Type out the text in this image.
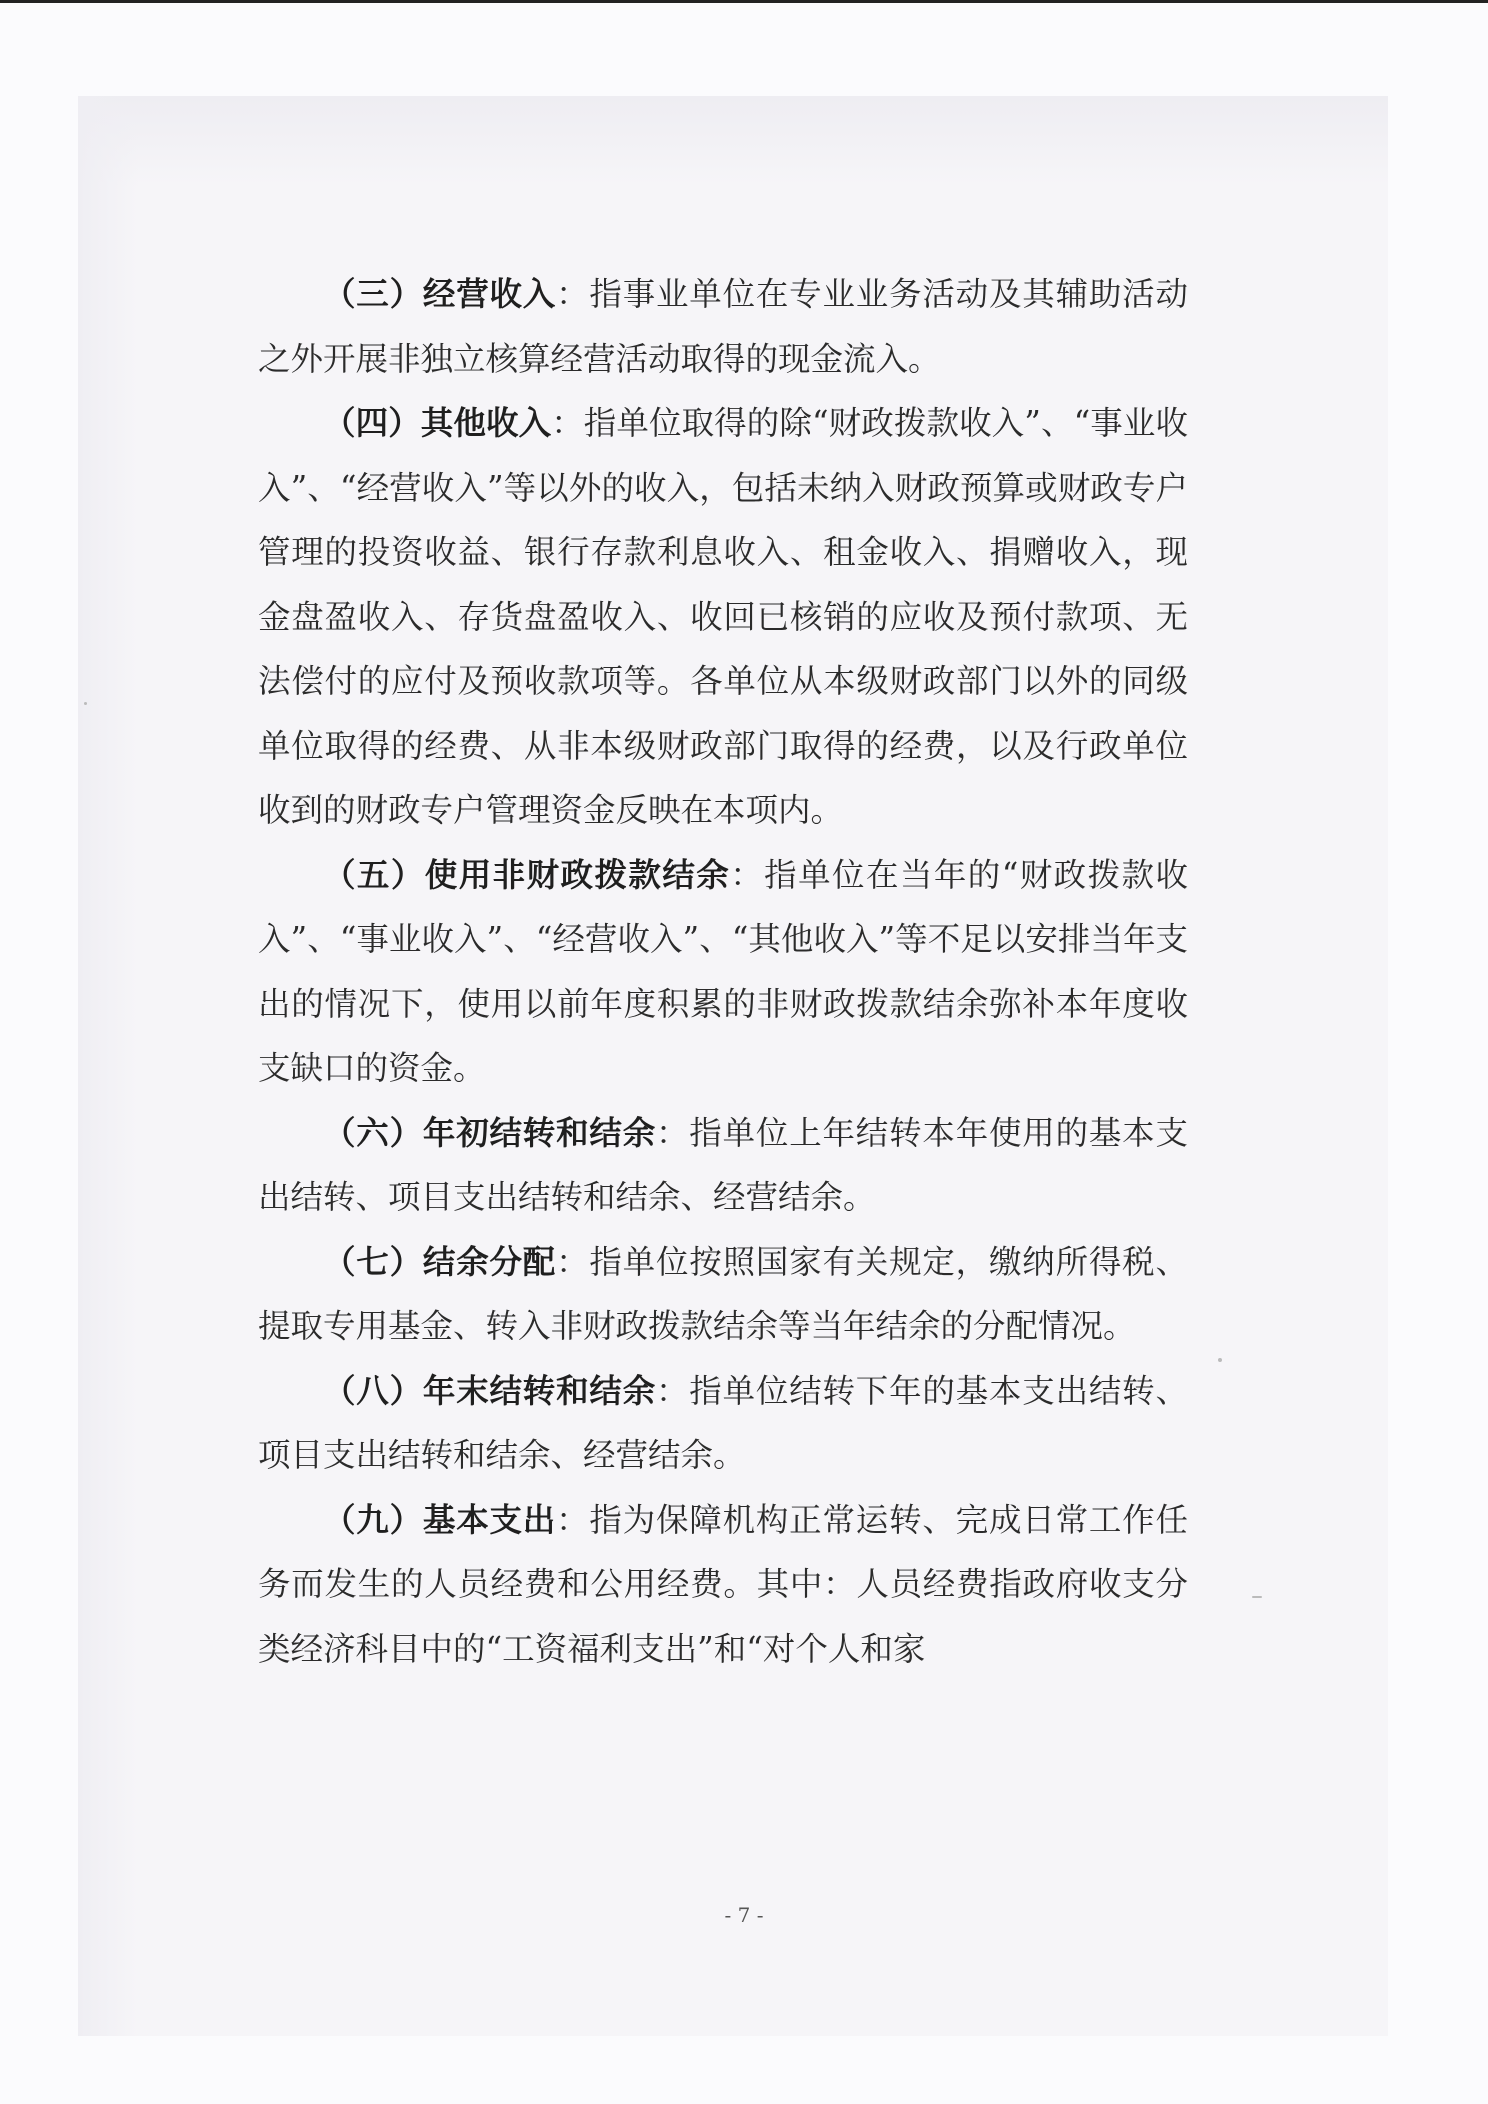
（三）经营收入：指事业单位在专业业务活动及其辅助活动之外开展非独立核算经营活动取得的现金流入。

（四）其他收入：指单位取得的除“财政拨款收入”、“事业收入”、“经营收入”等以外的收入，包括未纳入财政预算或财政专户管理的投资收益、银行存款利息收入、租金收入、捐赠收入，现金盘盈收入、存货盘盈收入、收回已核销的应收及预付款项、无法偿付的应付及预收款项等。各单位从本级财政部门以外的同级单位取得的经费、从非本级财政部门取得的经费，以及行政单位收到的财政专户管理资金反映在本项内。

（五）使用非财政拨款结余：指单位在当年的“财政拨款收入”、“事业收入”、“经营收入”、“其他收入”等不足以安排当年支出的情况下，使用以前年度积累的非财政拨款结余弥补本年度收支缺口的资金。

（六）年初结转和结余：指单位上年结转本年使用的基本支出结转、项目支出结转和结余、经营结余。

（七）结余分配：指单位按照国家有关规定，缴纳所得税、提取专用基金、转入非财政拨款结余等当年结余的分配情况。

（八）年末结转和结余：指单位结转下年的基本支出结转、项目支出结转和结余、经营结余。

（九）基本支出：指为保障机构正常运转、完成日常工作任务而发生的人员经费和公用经费。其中：人员经费指政府收支分类经济科目中的“工资福利支出”和“对个人和家

- 7 -
